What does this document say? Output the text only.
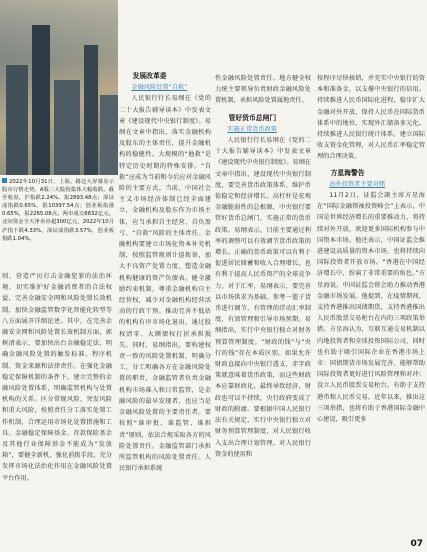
2022年10月31日，上海。路边大屏幕显示股市行情走势。A股三大股指集体大幅收跌。截至收盘，沪指跌2.24%，报2893.48点；深证成指跌0.65%，报10397.54点；创业板指涨0.65%，报2265.08点。两市成交8832亿元。北向资金全天净卖出超300亿元，2022年10月沪指下跌4.33%，深证成指跌3.57%，创业板指跌1.04%。

则、营造严厉打击金融犯罪的法治环境。切实维护好金融消费者的合法权益，完善金融安全网和风险处置长效机制，加快金融监管数字化智能化转型等八方面展开详细论述。其中，在完善金融安全网和风险处置长效机制方面，郭树清表示，要加快出台金融稳定法，明确金融风险处置的触发标准、程序机制、资金来源和法律责任。在强化金融稳定保障机制的条件下，建立完整的金融风险处置体系，明确监管机构与处置机构的关系。区分常规风险、突发风险和重大风险，按照责任分工落实处置工作机制，合理运用市场化处置措施和工具。金融稳定保障基金、存款保险基金及其他行业保障基金不能成为“发放箱”，要健全新机，强化前拨手段，充分发挥市场化法治化作用在金融风险处置平台作用。

发展改革委

金融风险处置“自救”

人民银行行长易纲在《党的二十大报告辅导读本》中发表文章《建设现代中央银行制度》。易纲在文章中指出，落实金融机构及股东的主体责任，提升金融机构的稳健性。大规模的“他救”是特定历史时期的特殊安排。“自救”应成为当前和今后应对金融风险的主要方式。当前，中国社会主义市场经济体制已经全面建立，金融机构及股东作为市场主体，应当承担自主经营、自负盈亏、“自救”风险的主体责任。金融机构要建立市场化资本补充机制，按照监管规则计提拨备，加大不良资产处置力度，塑造金融机构健康的资产负债表。健全激励约束机制，尊重金融机构自主经营权，减少对金融机构经营活动的行政干预。推动完善不低估的机构有序市场化退出，通过股权清零、大额债权打折承担损失。同时，易纲指出，要构建权责一致的风险处置机制，明确分工，分工明确各方在金融风险处置的职责，金融监管者负责金融机构市场准入和日常监管，是金融风险的最早发现者，也应当是金融风险处置的主要责任者。要按照“谁审批、谁监管、谁担责”原则，依法合规采取各方的风险处置责任。金融监管部门承担所监管机构的风险处置责任。人民银行承担系统

性金融风险处置责任。地方健全权力统主要领导负责财政金融风险处置机制，承担风险处置属地责任。

管好货币总闸门

实施正常货币政策

人民银行行长易纲在《党的二十大报告辅导读本》中发表文章《建设现代中央银行制度》。易纲在文章中指出，建设现代中央银行制度，要完善货币政策体系，维护币值稳定和经济增长。高杠杆是宏观金融脆弱性的总根源，中央银行要管好货币总闸门，实施正常的货币政策。易纲表示，目前主要通过利率的调整可以有效调节货币政策的增长。正确的货币政策可以有利于促进居民储蓄和收入合理增长，也有利于提高人民币资产的全球竞争力。对于汇率，易纲表示，要完善以市场供求为基础、参考一篮子货币进行调节、有管理的浮动汇率制度，有效管理和引导市场预期。易纲指出，实行中央银行独立对财务预算管理制度。“财政的钱”与“央行的钱”存在本质区别。如果允许财政直接向中央银行透支，赤字政策就意味着货币政策，而这些财政本应靠财政化，最终导致经济，财政也可以不持续，央行政府变成了财政的附庸。要根据中国人民银行法有关规定，实行中央银行独立对财务预算管理制度，对人民银行收入支出合理计划管理。对人民银行资金的使用和

按程序尽快核销，并充实中央银行的资本和准备金，以支撑中央银行的信用。持续推进人民币国际化进程，稳步扩大金融对外开放，保持人民币在国际货币体系中的地位，实现外汇储备多元化。持续推进人民银行统计体系，建立国际收支资金化管理，对人民币汇率稳定管理的合理决策。

方星海警告

海外投资者不要对赌

11月2日，证监会副主席方星海在“国际金融领袖投资峰会”上表示，中国是世界经济增长的重要推动力，将持续对外开放，欢迎更多国际机构参与中国资本市场。他还表示，中国证监会推进建设高质量的资本市场，也将持续向国际投资者开放市场。“香港在中国经济增长中，扮演了非常重要的角色。”方星海说，中国证监会将会助力推动香港金融市场发展。他提到，在疫情期间，支持香港推出国债期货，支持香港推出人民币股票交易柜台在内的三项政策举措。方星海认为，互联互通交易机制以内地投资者和全球投资国际公司，同时也有助于吸引国际企业在香港市场上市：国债期货市场发展完善，能够帮助国际投资者更好进行风险管理和对冲；设立人民币股票交易柜台，有助于支持港币和人民币交易。近年以来，推出这三项举措，也将有助于香港国际金融中心建设，吸引更多

07
